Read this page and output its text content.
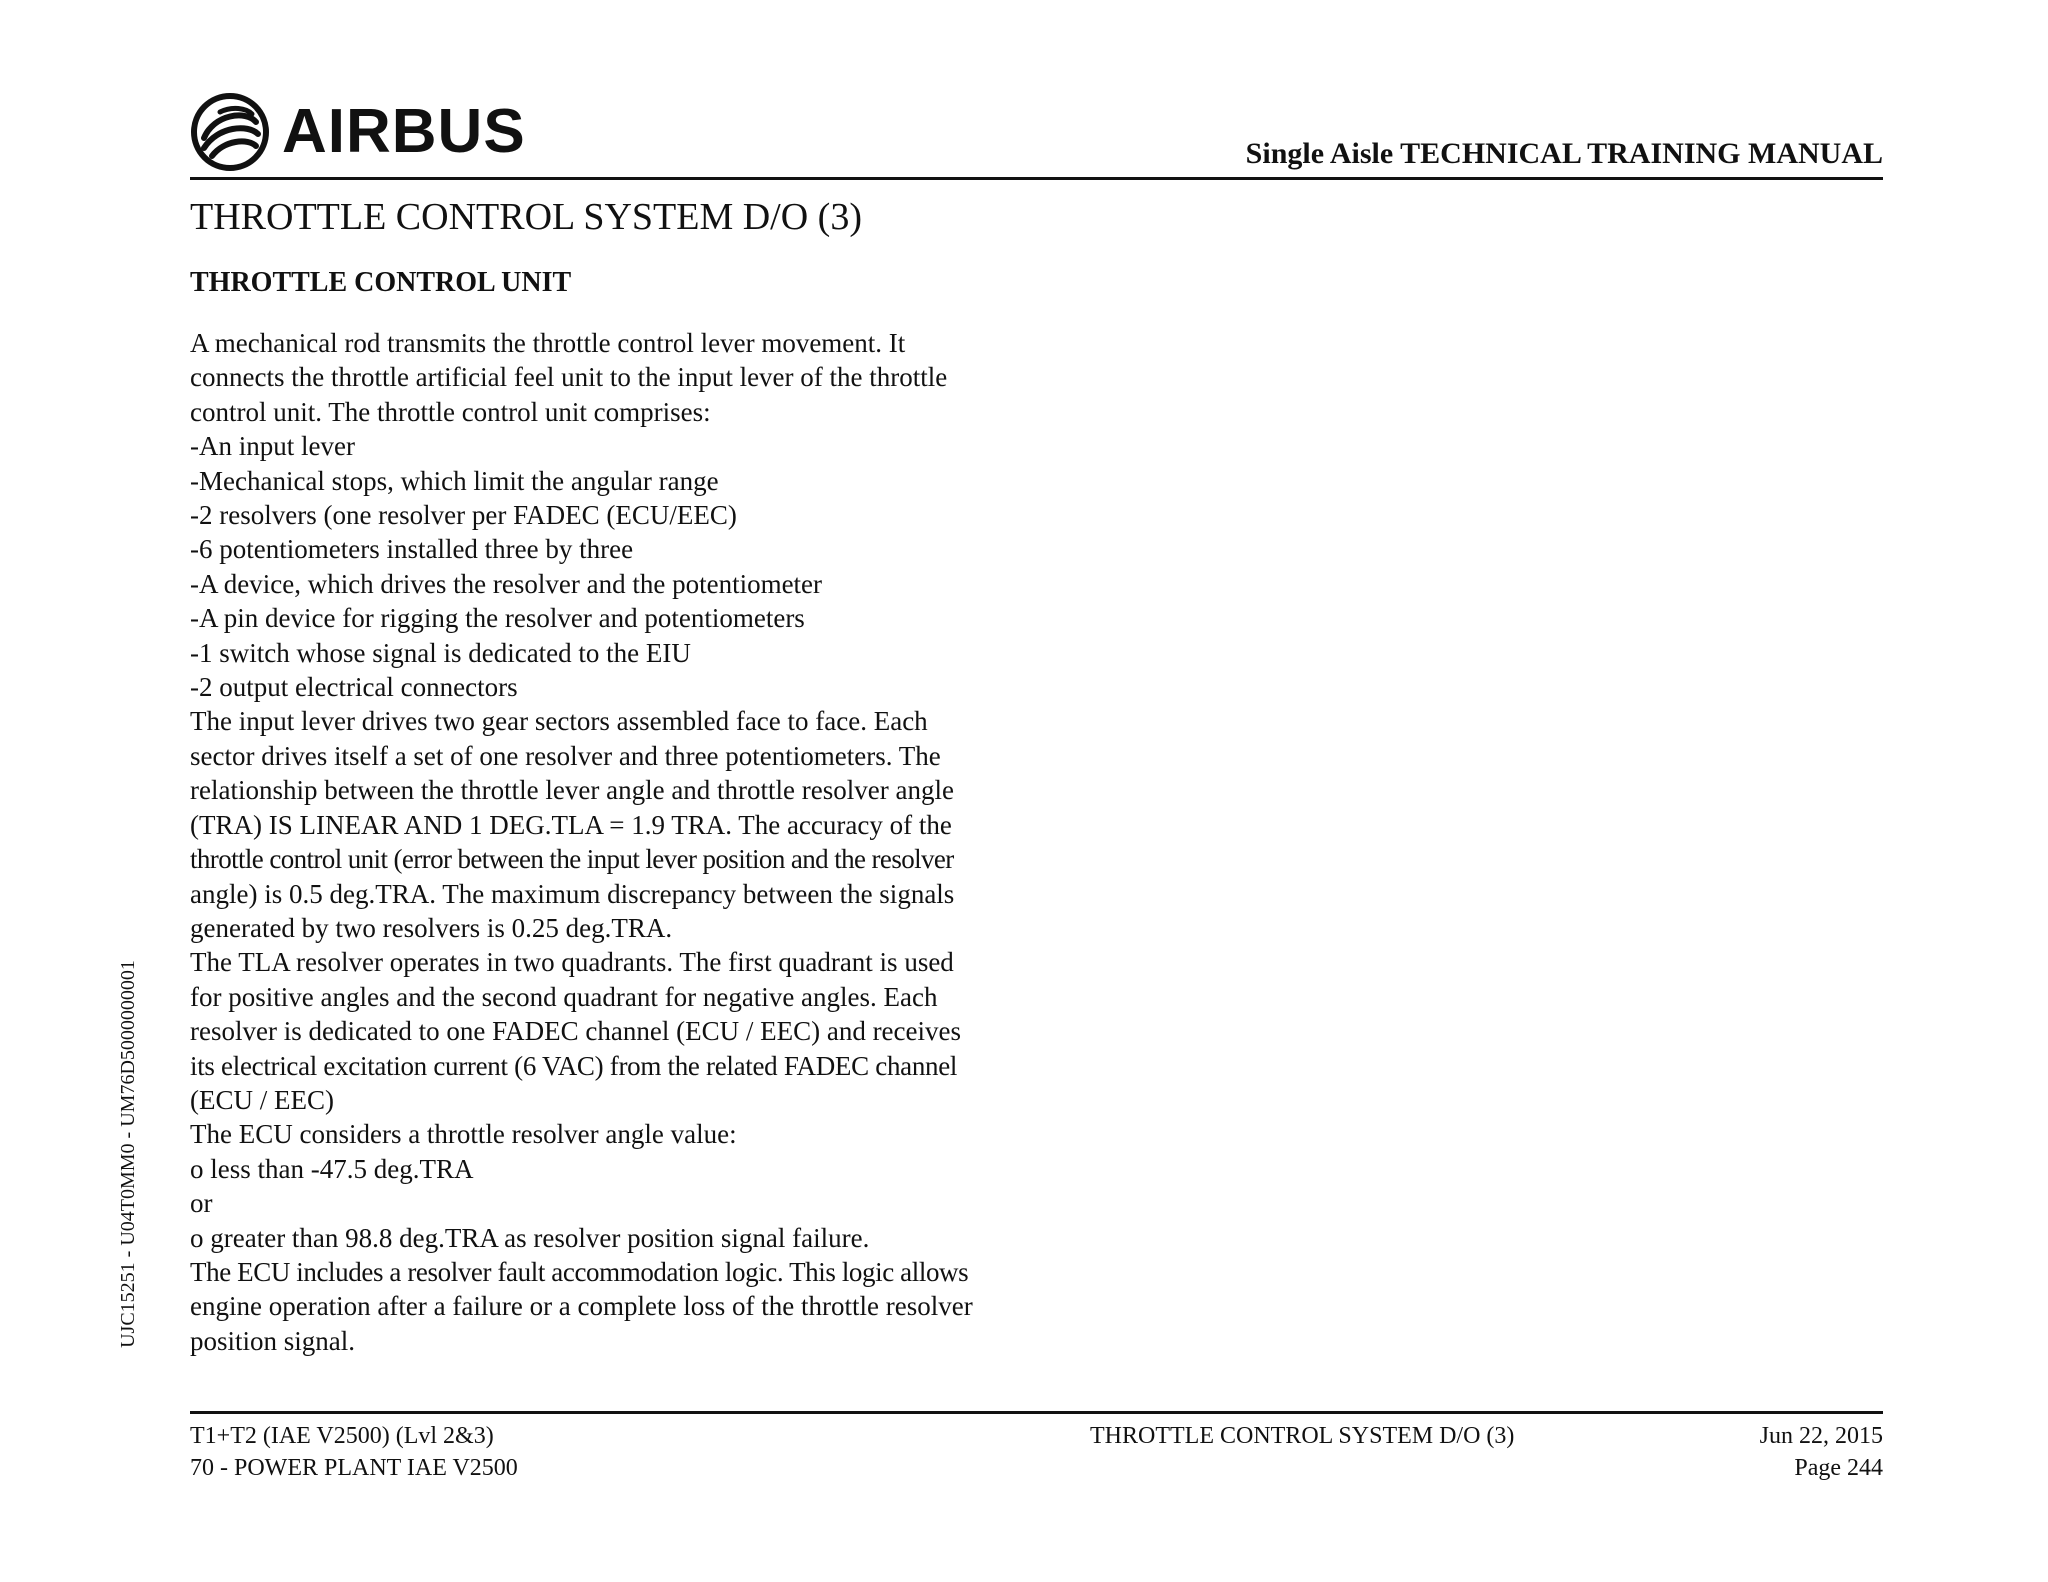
AIRBUS	Single Aisle TECHNICAL TRAINING MANUAL
THROTTLE CONTROL SYSTEM D/O (3)
THROTTLE CONTROL UNIT
A mechanical rod transmits the throttle control lever movement. It
connects the throttle artificial feel unit to the input lever of the throttle
control unit. The throttle control unit comprises:
-An input lever
-Mechanical stops, which limit the angular range
-2 resolvers (one resolver per FADEC (ECU/EEC)
-6 potentiometers installed three by three
-A device, which drives the resolver and the potentiometer
-A pin device for rigging the resolver and potentiometers
-1 switch whose signal is dedicated to the EIU
-2 output electrical connectors
The input lever drives two gear sectors assembled face to face. Each
sector drives itself a set of one resolver and three potentiometers. The
relationship between the throttle lever angle and throttle resolver angle
(TRA) IS LINEAR AND 1 DEG.TLA = 1.9 TRA. The accuracy of the
throttle control unit (error between the input lever position and the resolver
angle) is 0.5 deg.TRA. The maximum discrepancy between the signals
generated by two resolvers is 0.25 deg.TRA.
The TLA resolver operates in two quadrants. The first quadrant is used
for positive angles and the second quadrant for negative angles. Each
resolver is dedicated to one FADEC channel (ECU / EEC) and receives
its electrical excitation current (6 VAC) from the related FADEC channel
(ECU / EEC)
The ECU considers a throttle resolver angle value:
o less than -47.5 deg.TRA
or
o greater than 98.8 deg.TRA as resolver position signal failure.
The ECU includes a resolver fault accommodation logic. This logic allows
engine operation after a failure or a complete loss of the throttle resolver
position signal.
UJC15251 - U04T0MM0 - UM76D5000000001
T1+T2 (IAE V2500) (Lvl 2&3)
70 - POWER PLANT IAE V2500
THROTTLE CONTROL SYSTEM D/O (3)	Jun 22, 2015
Page 244
